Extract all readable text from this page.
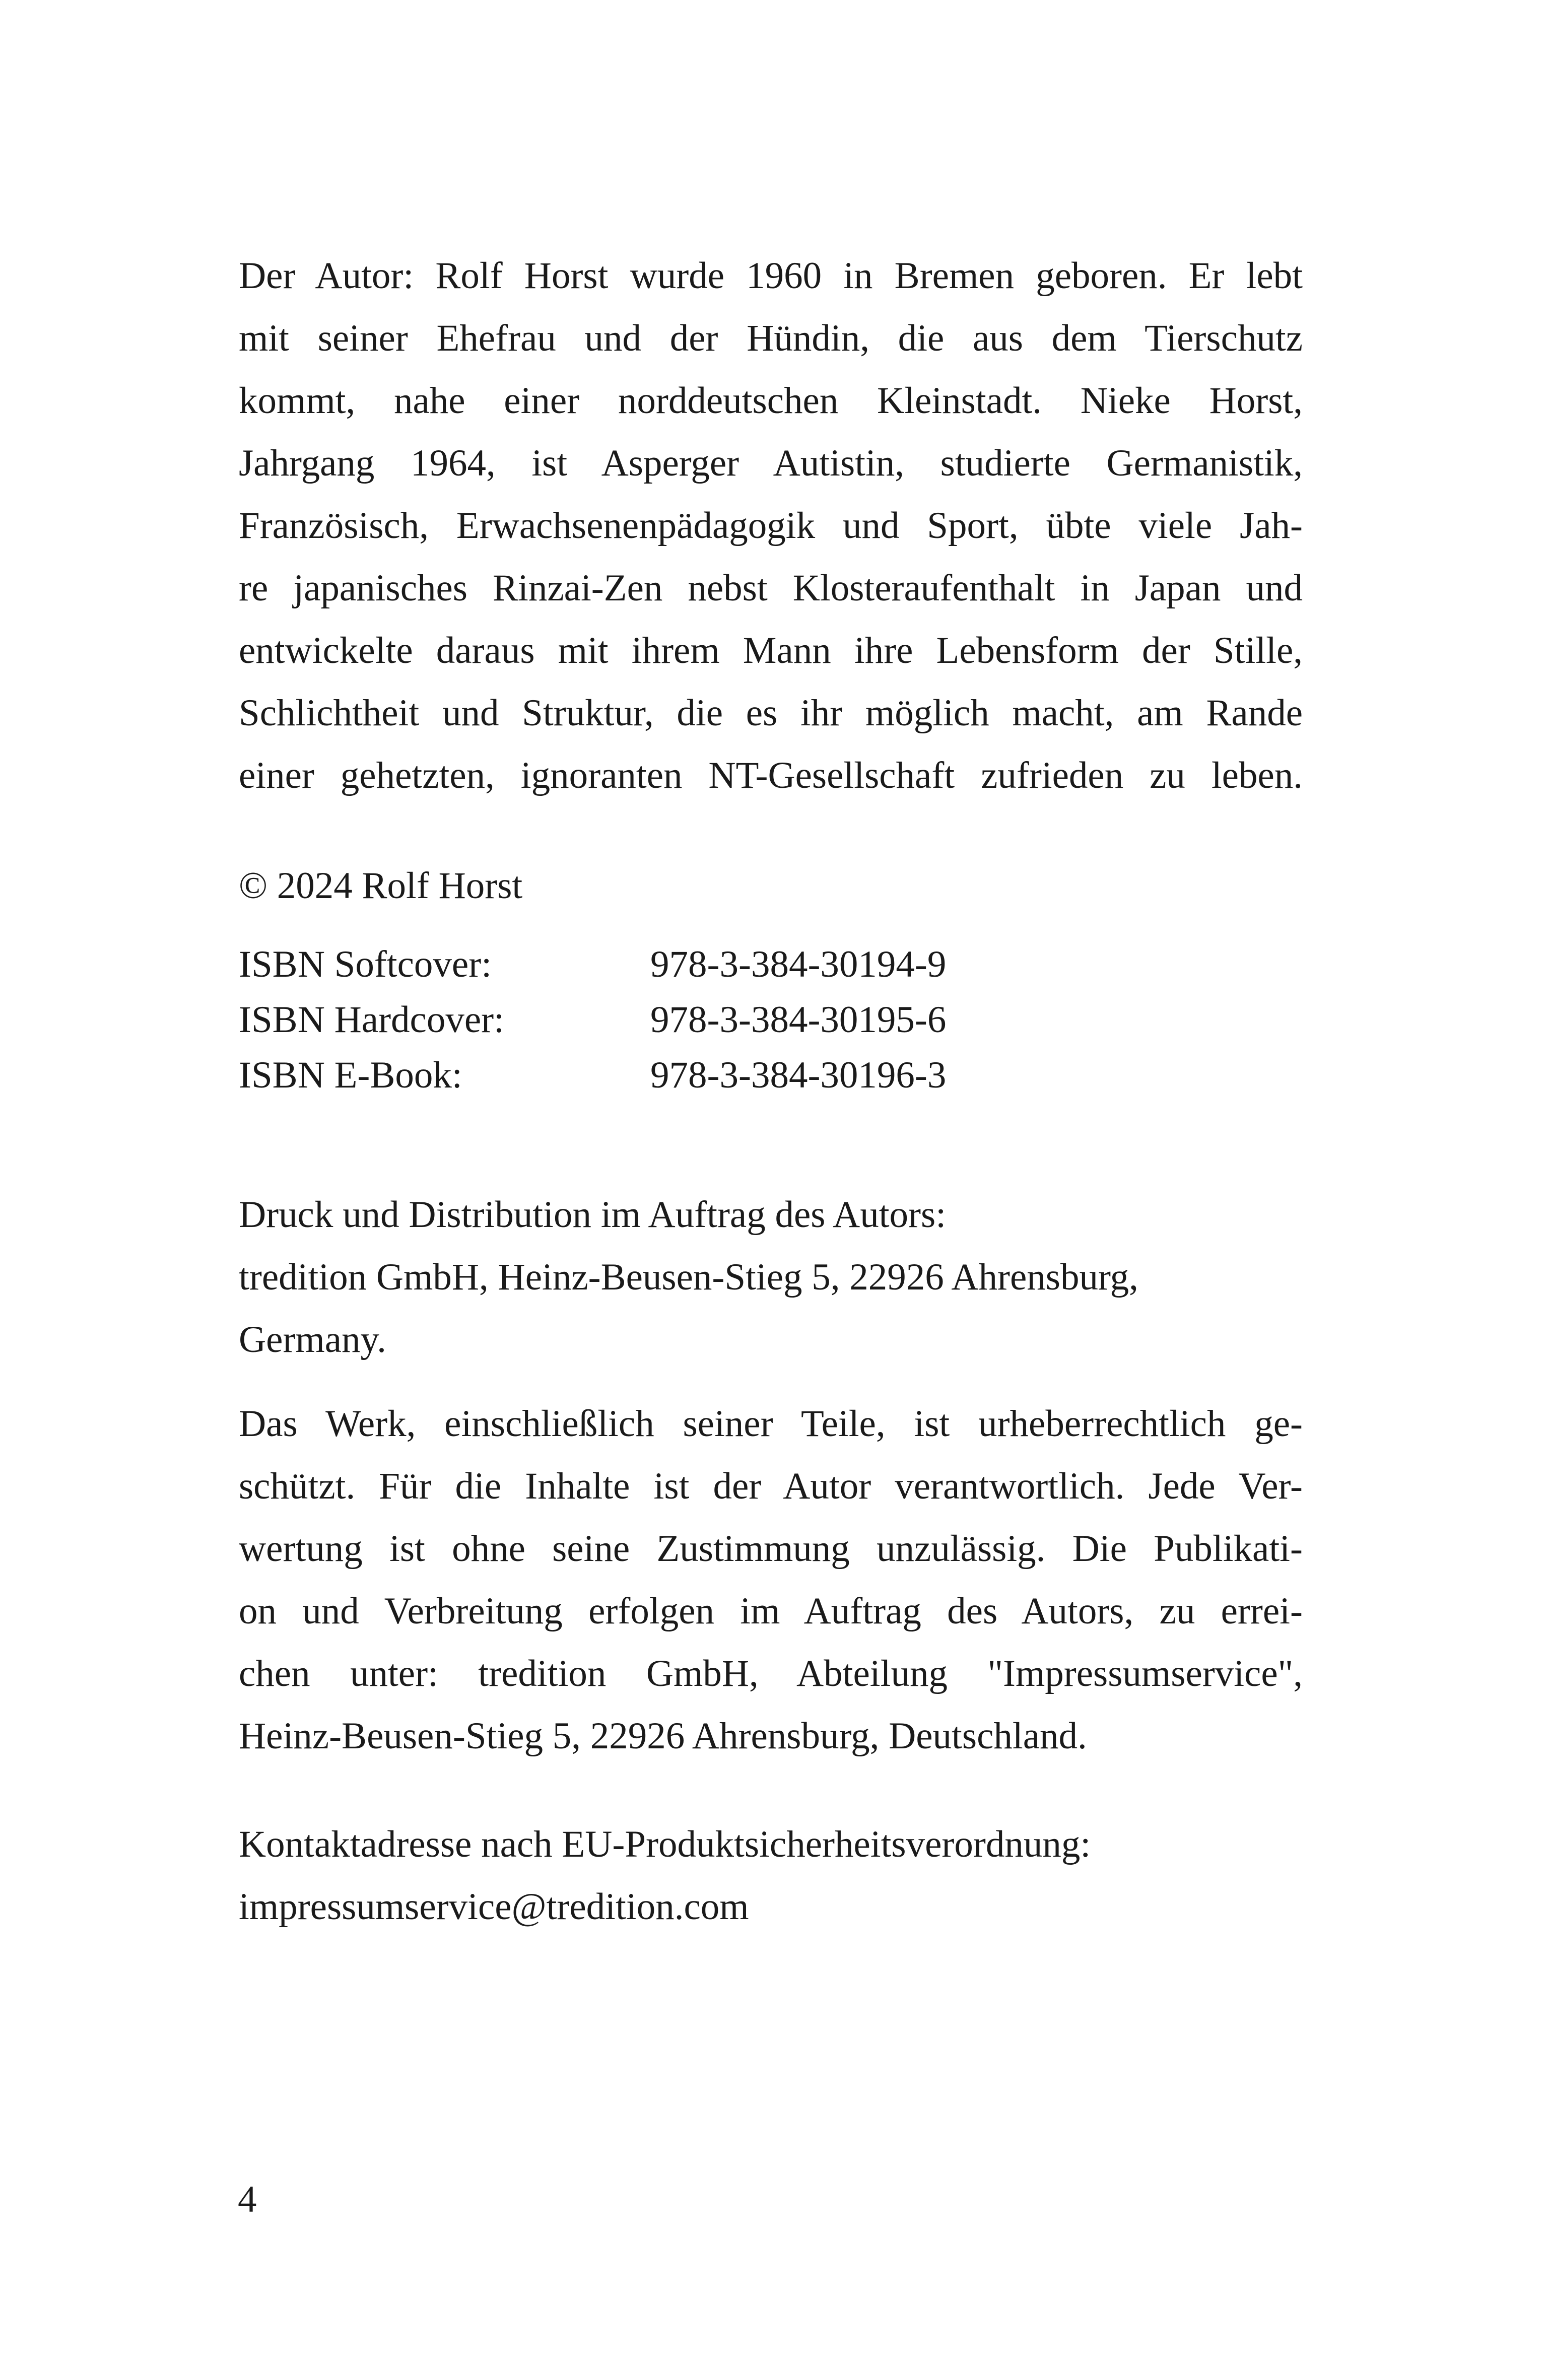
Der Autor: Rolf Horst wurde 1960 in Bremen geboren. Er lebt
mit seiner Ehefrau und der Hündin, die aus dem Tierschutz
kommt, nahe einer norddeutschen Kleinstadt. Nieke Horst,
Jahrgang 1964, ist Asperger Autistin, studierte Germanistik,
Französisch, Erwachsenenpädagogik und Sport, übte viele Jah-
re japanisches Rinzai-Zen nebst Klosteraufenthalt in Japan und
entwickelte daraus mit ihrem Mann ihre Lebensform der Stille,
Schlichtheit und Struktur, die es ihr möglich macht, am Rande
einer gehetzten, ignoranten NT-Gesellschaft zufrieden zu leben.
© 2024 Rolf Horst
ISBN Softcover:	978-3-384-30194-9
ISBN Hardcover:	978-3-384-30195-6
ISBN E-Book:	978-3-384-30196-3
Druck und Distribution im Auftrag des Autors:
tredition GmbH, Heinz-Beusen-Stieg 5, 22926 Ahrensburg,
Germany.
Das Werk, einschließlich seiner Teile, ist urheberrechtlich ge-
schützt. Für die Inhalte ist der Autor verantwortlich. Jede Ver-
wertung ist ohne seine Zustimmung unzulässig. Die Publikati-
on und Verbreitung erfolgen im Auftrag des Autors, zu errei-
chen unter: tredition GmbH, Abteilung "Impressumservice",
Heinz-Beusen-Stieg 5, 22926 Ahrensburg, Deutschland.
Kontaktadresse nach EU-Produktsicherheitsverordnung:
impressumservice@tredition.com
4
